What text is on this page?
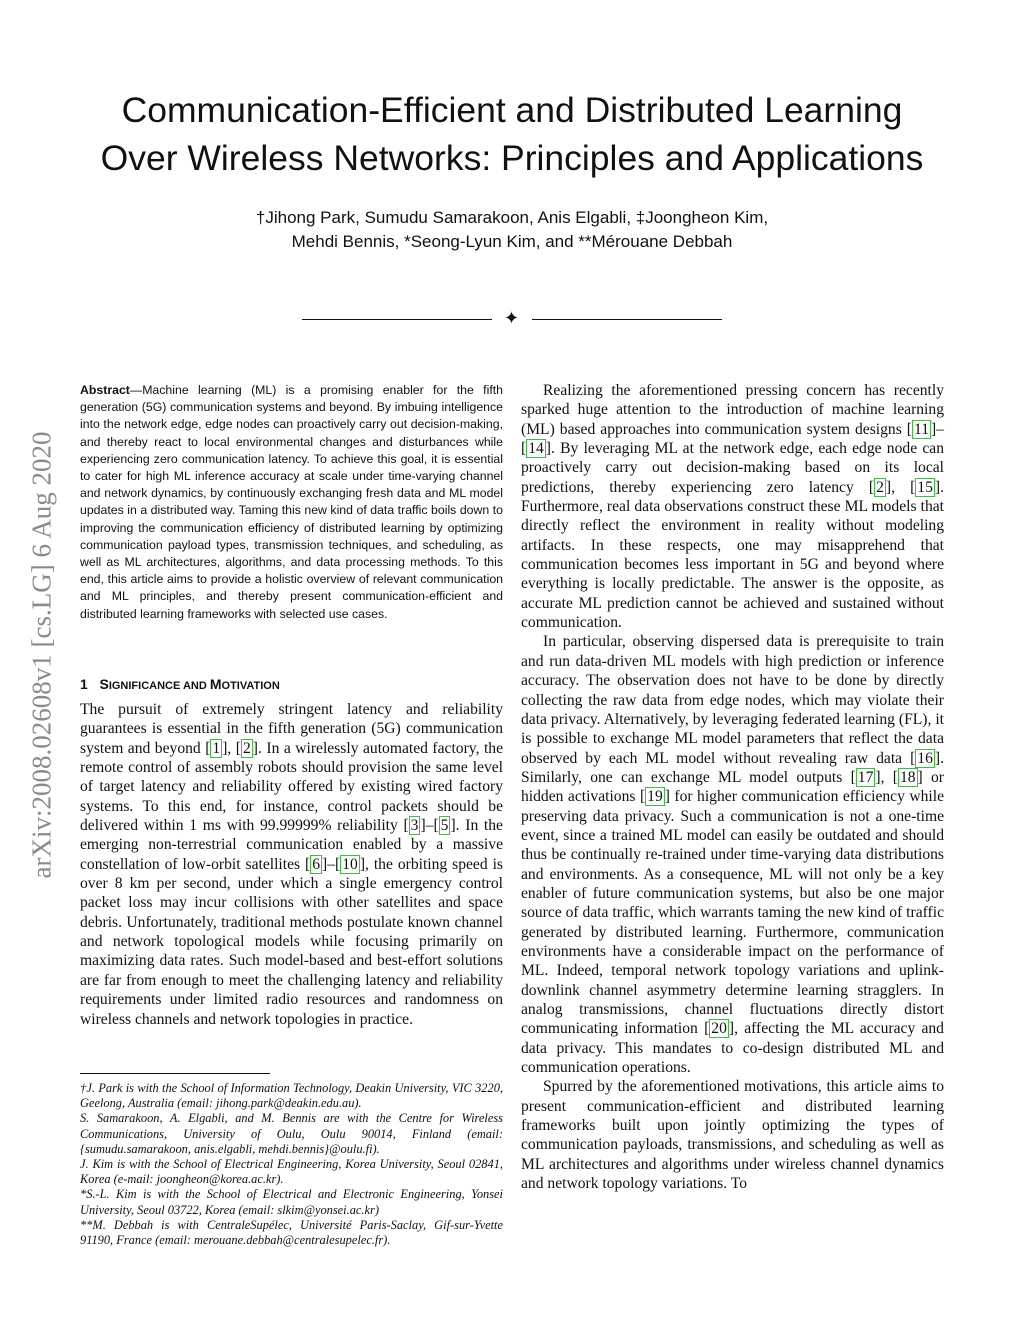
arXiv:2008.02608v1 [cs.LG] 6 Aug 2020
Communication-Efficient and Distributed Learning
Over Wireless Networks: Principles and Applications
†Jihong Park, Sumudu Samarakoon, Anis Elgabli, ‡Joongheon Kim,
Mehdi Bennis, *Seong-Lyun Kim, and **Mérouane Debbah
✦
Abstract—Machine learning (ML) is a promising enabler for the fifth generation (5G) communication systems and beyond. By imbuing intelligence into the network edge, edge nodes can proactively carry out decision-making, and thereby react to local environmental changes and disturbances while experiencing zero communication latency. To achieve this goal, it is essential to cater for high ML inference accuracy at scale under time-varying channel and network dynamics, by continuously exchanging fresh data and ML model updates in a distributed way. Taming this new kind of data traffic boils down to improving the communication efficiency of distributed learning by optimizing communication payload types, transmission techniques, and scheduling, as well as ML architectures, algorithms, and data processing methods. To this end, this article aims to provide a holistic overview of relevant communication and ML principles, and thereby present communication-efficient and distributed learning frameworks with selected use cases.
1 SIGNIFICANCE AND MOTIVATION

The pursuit of extremely stringent latency and reliability guarantees is essential in the fifth generation (5G) communication system and beyond [ 1 ], [ 2 ]. In a wirelessly automated factory, the remote control of assembly robots should provision the same level of target latency and reliability offered by existing wired factory systems. To this end, for instance, control packets should be delivered within 1 ms with 99.99999% reliability [ 3 ]–[ 5 ]. In the emerging non-terrestrial communication enabled by a massive constellation of low-orbit satellites [ 6 ]–[ 10 ], the orbiting speed is over 8 km per second, under which a single emergency control packet loss may incur collisions with other satellites and space debris. Unfortunately, traditional methods postulate known channel and network topological models while focusing primarily on maximizing data rates. Such model-based and best-effort solutions are far from enough to meet the challenging latency and reliability requirements under limited radio resources and randomness on wireless channels and network topologies in practice.

†J. Park is with the School of Information Technology, Deakin University, VIC 3220, Geelong, Australia (email: jihong.park@deakin.edu.au).

S. Samarakoon, A. Elgabli, and M. Bennis are with the Centre for Wireless Communications, University of Oulu, Oulu 90014, Finland (email: {sumudu.samarakoon, anis.elgabli, mehdi.bennis}@oulu.fi).

J. Kim is with the School of Electrical Engineering, Korea University, Seoul 02841, Korea (e-mail: joongheon@korea.ac.kr).

*S.-L. Kim is with the School of Electrical and Electronic Engineering, Yonsei University, Seoul 03722, Korea (email: slkim@yonsei.ac.kr)

**M. Debbah is with CentraleSupélec, Université Paris-Saclay, Gif-sur-Yvette 91190, France (email: merouane.debbah@centralesupelec.fr).

Realizing the aforementioned pressing concern has recently sparked huge attention to the introduction of machine learning (ML) based approaches into communication system designs [ 11 ]–[ 14 ]. By leveraging ML at the network edge, each edge node can proactively carry out decision-making based on its local predictions, thereby experiencing zero latency [ 2 ], [ 15 ]. Furthermore, real data observations construct these ML models that directly reflect the environment in reality without modeling artifacts. In these respects, one may misapprehend that communication becomes less important in 5G and beyond where everything is locally predictable. The answer is the opposite, as accurate ML prediction cannot be achieved and sustained without communication.

In particular, observing dispersed data is prerequisite to train and run data-driven ML models with high prediction or inference accuracy. The observation does not have to be done by directly collecting the raw data from edge nodes, which may violate their data privacy. Alternatively, by leveraging federated learning (FL), it is possible to exchange ML model parameters that reflect the data observed by each ML model without revealing raw data [ 16 ]. Similarly, one can exchange ML model outputs [ 17 ], [ 18 ] or hidden activations [ 19 ] for higher communication efficiency while preserving data privacy. Such a communication is not a one-time event, since a trained ML model can easily be outdated and should thus be continually re-trained under time-varying data distributions and environments. As a consequence, ML will not only be a key enabler of future communication systems, but also be one major source of data traffic, which warrants taming the new kind of traffic generated by distributed learning. Furthermore, communication environments have a considerable impact on the performance of ML. Indeed, temporal network topology variations and uplink-downlink channel asymmetry determine learning stragglers. In analog transmissions, channel fluctuations directly distort communicating information [ 20 ], affecting the ML accuracy and data privacy. This mandates to co-design distributed ML and communication operations.

Spurred by the aforementioned motivations, this article aims to present communication-efficient and distributed learning frameworks built upon jointly optimizing the types of communication payloads, transmissions, and scheduling as well as ML architectures and algorithms under wireless channel dynamics and network topology variations. To
